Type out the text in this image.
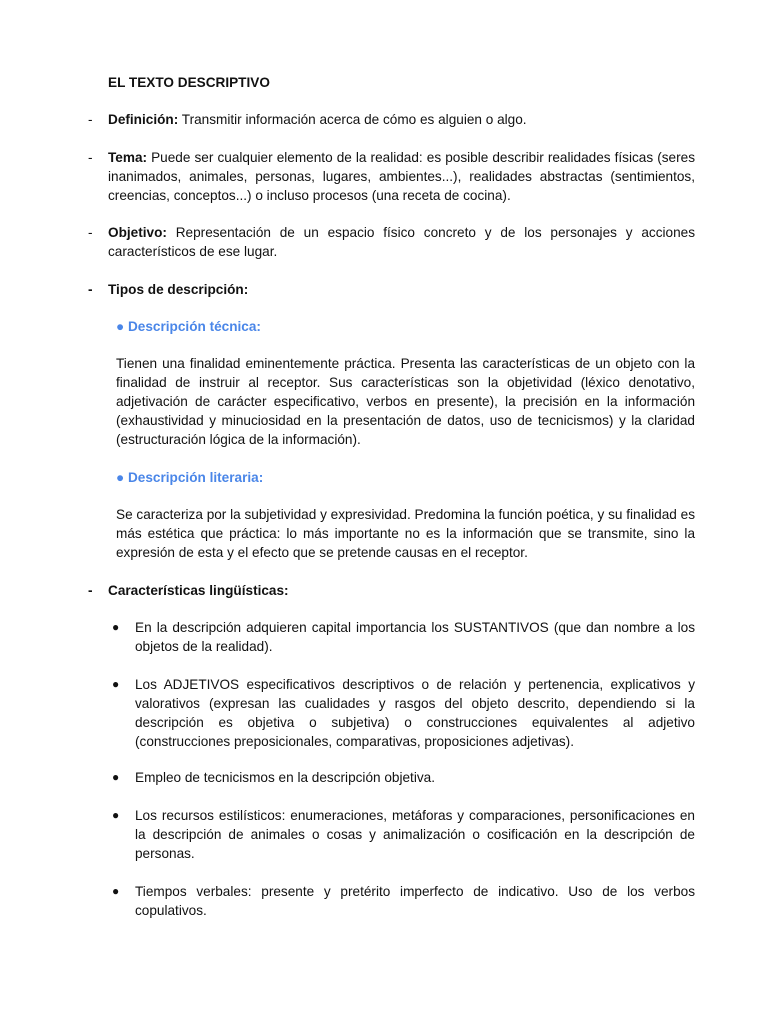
EL TEXTO DESCRIPTIVO
- Definición: Transmitir información acerca de cómo es alguien o algo.
- Tema: Puede ser cualquier elemento de la realidad: es posible describir realidades físicas (seres inanimados, animales, personas, lugares, ambientes...), realidades abstractas (sentimientos, creencias, conceptos...) o incluso procesos (una receta de cocina).
- Objetivo: Representación de un espacio físico concreto y de los personajes y acciones característicos de ese lugar.
- Tipos de descripción:
● Descripción técnica:
Tienen una finalidad eminentemente práctica. Presenta las características de un objeto con la finalidad de instruir al receptor. Sus características son la objetividad (léxico denotativo, adjetivación de carácter especificativo, verbos en presente), la precisión en la información (exhaustividad y minuciosidad en la presentación de datos, uso de tecnicismos) y la claridad (estructuración lógica de la información).
● Descripción literaria:
Se caracteriza por la subjetividad y expresividad. Predomina la función poética, y su finalidad es más estética que práctica: lo más importante no es la información que se transmite, sino la expresión de esta y el efecto que se pretende causas en el receptor.
- Características lingüísticas:
● En la descripción adquieren capital importancia los SUSTANTIVOS (que dan nombre a los objetos de la realidad).
● Los ADJETIVOS especificativos descriptivos o de relación y pertenencia, explicativos y valorativos (expresan las cualidades y rasgos del objeto descrito, dependiendo si la descripción es objetiva o subjetiva) o construcciones equivalentes al adjetivo (construcciones preposicionales, comparativas, proposiciones adjetivas).
● Empleo de tecnicismos en la descripción objetiva.
● Los recursos estilísticos: enumeraciones, metáforas y comparaciones, personificaciones en la descripción de animales o cosas y animalización o cosificación en la descripción de personas.
● Tiempos verbales: presente y pretérito imperfecto de indicativo. Uso de los verbos copulativos.
